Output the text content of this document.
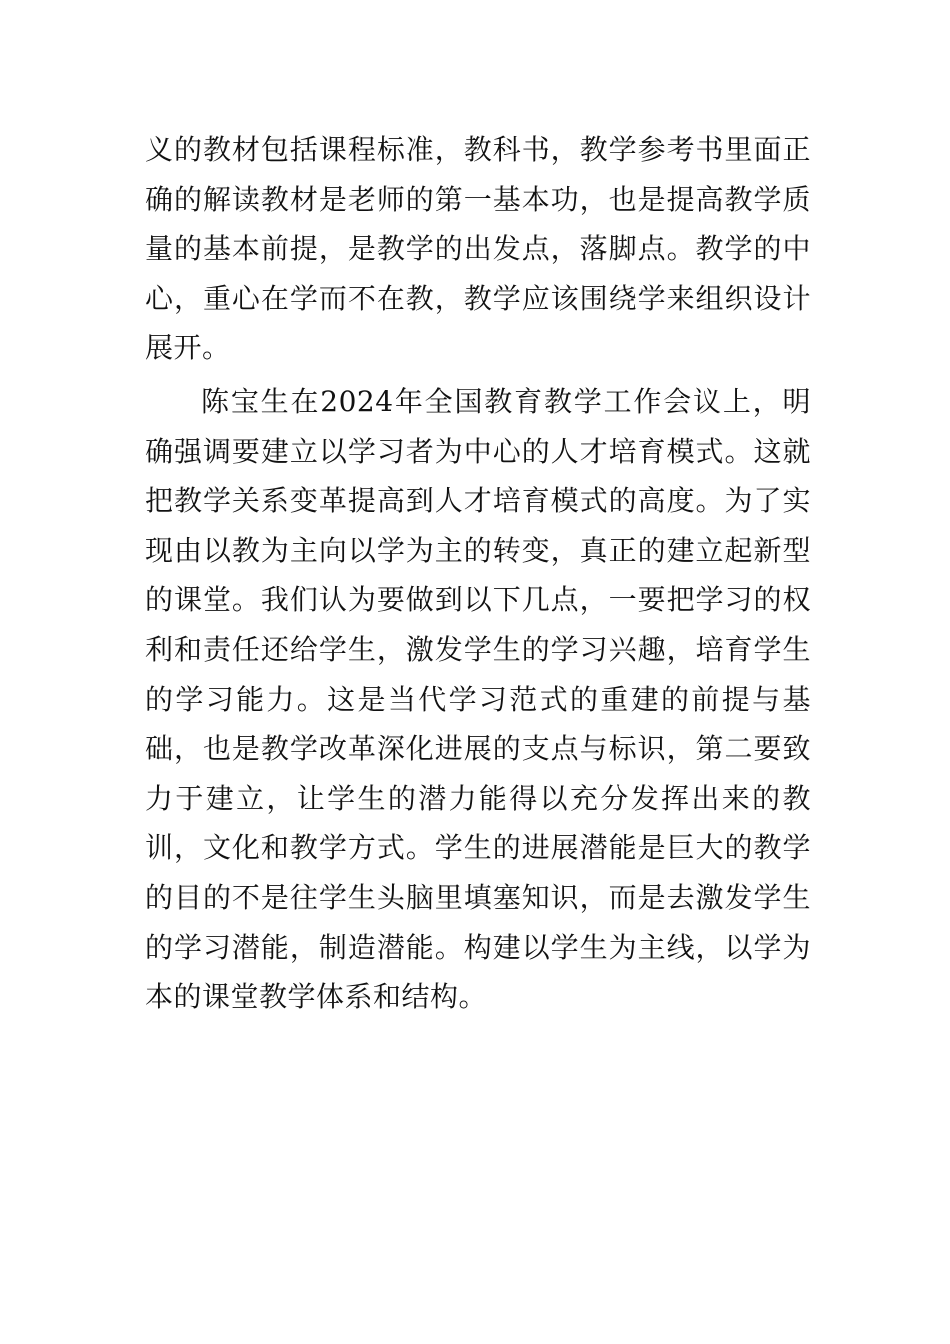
义的教材包括课程标准，教科书，教学参考书里面正确的解读教材是老师的第一基本功，也是提高教学质量的基本前提，是教学的出发点，落脚点。教学的中心，重心在学而不在教，教学应该围绕学来组织设计展开。

陈宝生在2024年全国教育教学工作会议上，明确强调要建立以学习者为中心的人才培育模式。这就把教学关系变革提高到人才培育模式的高度。为了实现由以教为主向以学为主的转变，真正的建立起新型的课堂。我们认为要做到以下几点，一要把学习的权利和责任还给学生，激发学生的学习兴趣，培育学生的学习能力。这是当代学习范式的重建的前提与基础，也是教学改革深化进展的支点与标识，第二要致力于建立，让学生的潜力能得以充分发挥出来的教训，文化和教学方式。学生的进展潜能是巨大的教学的目的不是往学生头脑里填塞知识，而是去激发学生的学习潜能，制造潜能。构建以学生为主线，以学为本的课堂教学体系和结构。
